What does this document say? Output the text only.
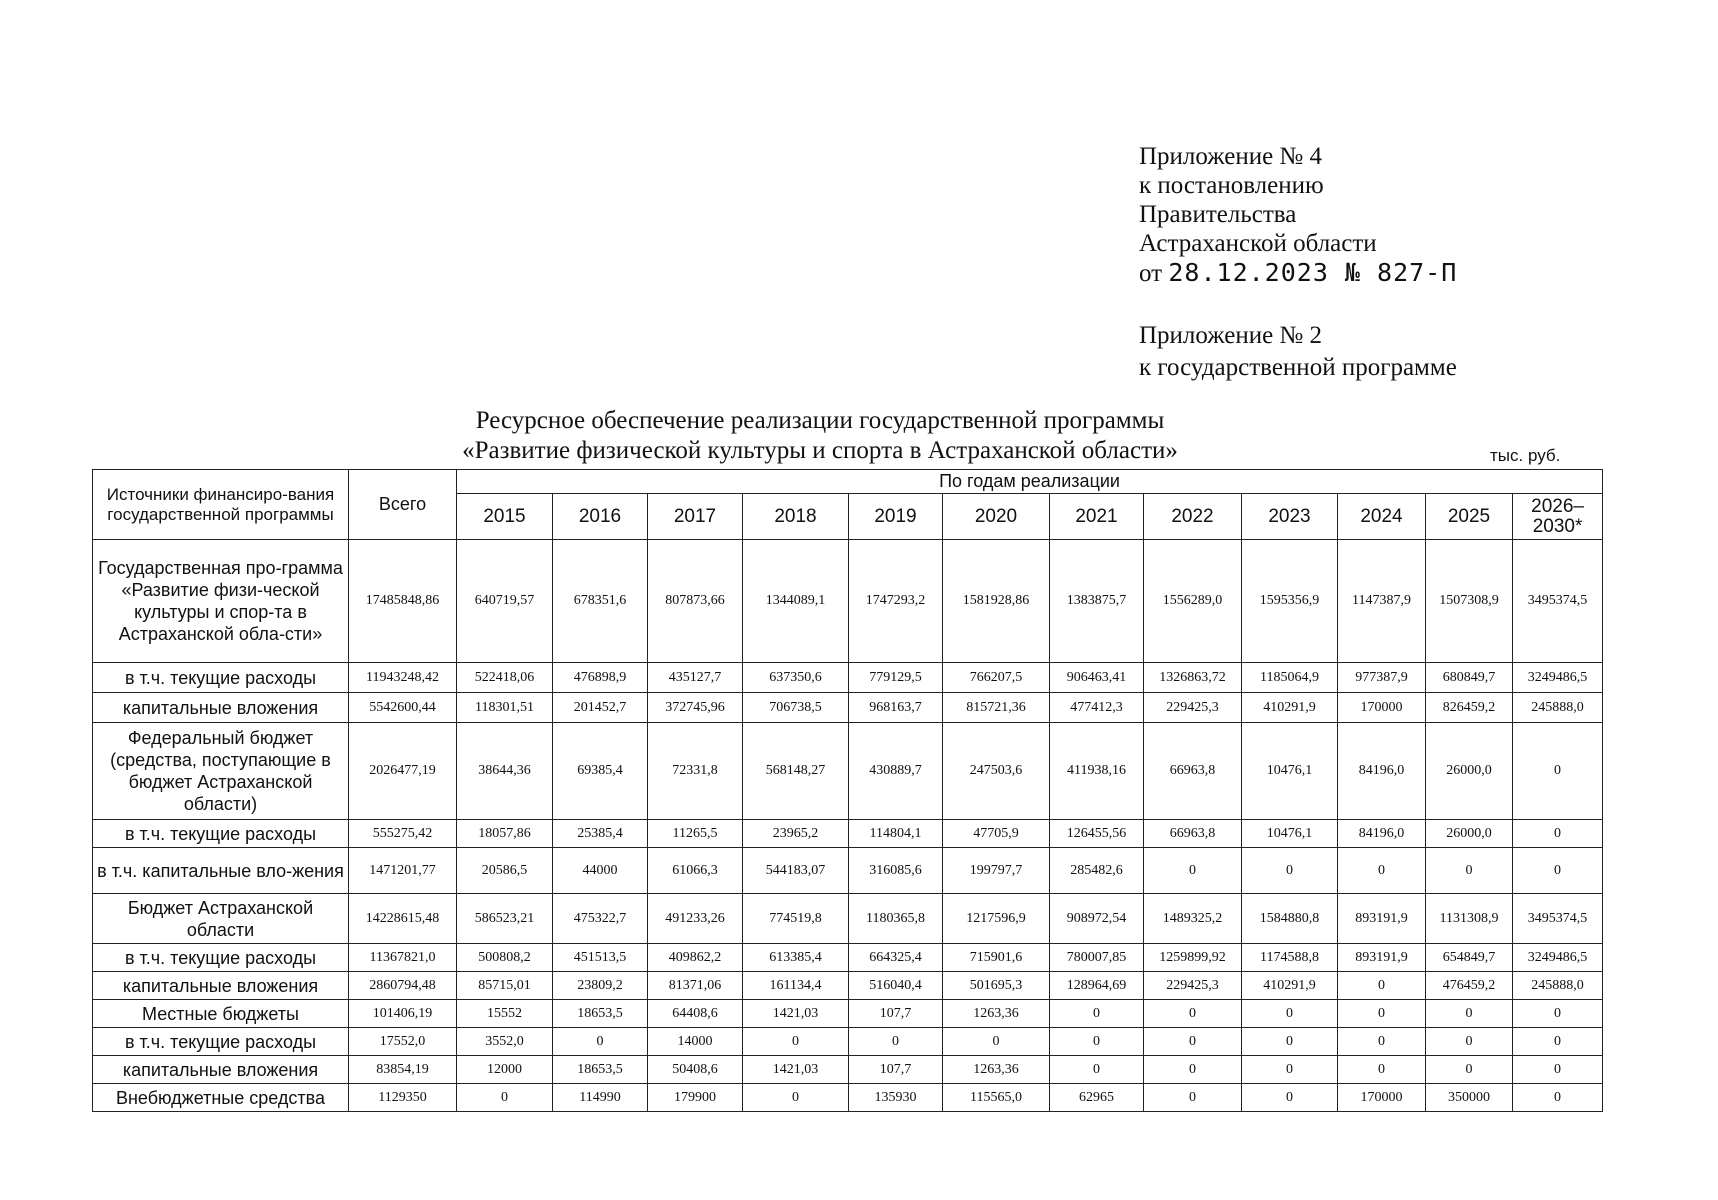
Приложение № 4
к постановлению
Правительства
Астраханской области
от 28.12.2023 № 827-П
Приложение № 2
к государственной программе
Ресурсное обеспечение реализации государственной программы
«Развитие физической культуры и спорта в Астраханской области»	тыс. руб.
Источники финансиро-вания государственной программы	Всего	По годам реализации											
		2015	2016	2017	2018	2019	2020	2021	2022	2023	2024	2025	2026–2030*
Государственная про-грамма «Развитие физи-ческой культуры и спор-та в Астраханской обла-сти»	17485848,86	640719,57	678351,6	807873,66	1344089,1	1747293,2	1581928,86	1383875,7	1556289,0	1595356,9	1147387,9	1507308,9	3495374,5
в т.ч. текущие расходы	11943248,42	522418,06	476898,9	435127,7	637350,6	779129,5	766207,5	906463,41	1326863,72	1185064,9	977387,9	680849,7	3249486,5
капитальные вложения	5542600,44	118301,51	201452,7	372745,96	706738,5	968163,7	815721,36	477412,3	229425,3	410291,9	170000	826459,2	245888,0
Федеральный бюджет (средства, поступающие в бюджет Астраханской области)	2026477,19	38644,36	69385,4	72331,8	568148,27	430889,7	247503,6	411938,16	66963,8	10476,1	84196,0	26000,0	0
в т.ч. текущие расходы	555275,42	18057,86	25385,4	11265,5	23965,2	114804,1	47705,9	126455,56	66963,8	10476,1	84196,0	26000,0	0
в т.ч. капитальные вло-жения	1471201,77	20586,5	44000	61066,3	544183,07	316085,6	199797,7	285482,6	0	0	0	0	0
Бюджет Астраханской области	14228615,48	586523,21	475322,7	491233,26	774519,8	1180365,8	1217596,9	908972,54	1489325,2	1584880,8	893191,9	1131308,9	3495374,5
в т.ч. текущие расходы	11367821,0	500808,2	451513,5	409862,2	613385,4	664325,4	715901,6	780007,85	1259899,92	1174588,8	893191,9	654849,7	3249486,5
капитальные вложения	2860794,48	85715,01	23809,2	81371,06	161134,4	516040,4	501695,3	128964,69	229425,3	410291,9	0	476459,2	245888,0
Местные бюджеты	101406,19	15552	18653,5	64408,6	1421,03	107,7	1263,36	0	0	0	0	0	0
в т.ч. текущие расходы	17552,0	3552,0	0	14000	0	0	0	0	0	0	0	0	0
капитальные вложения	83854,19	12000	18653,5	50408,6	1421,03	107,7	1263,36	0	0	0	0	0	0
Внебюджетные средства	1129350	0	114990	179900	0	135930	115565,0	62965	0	0	170000	350000	0
